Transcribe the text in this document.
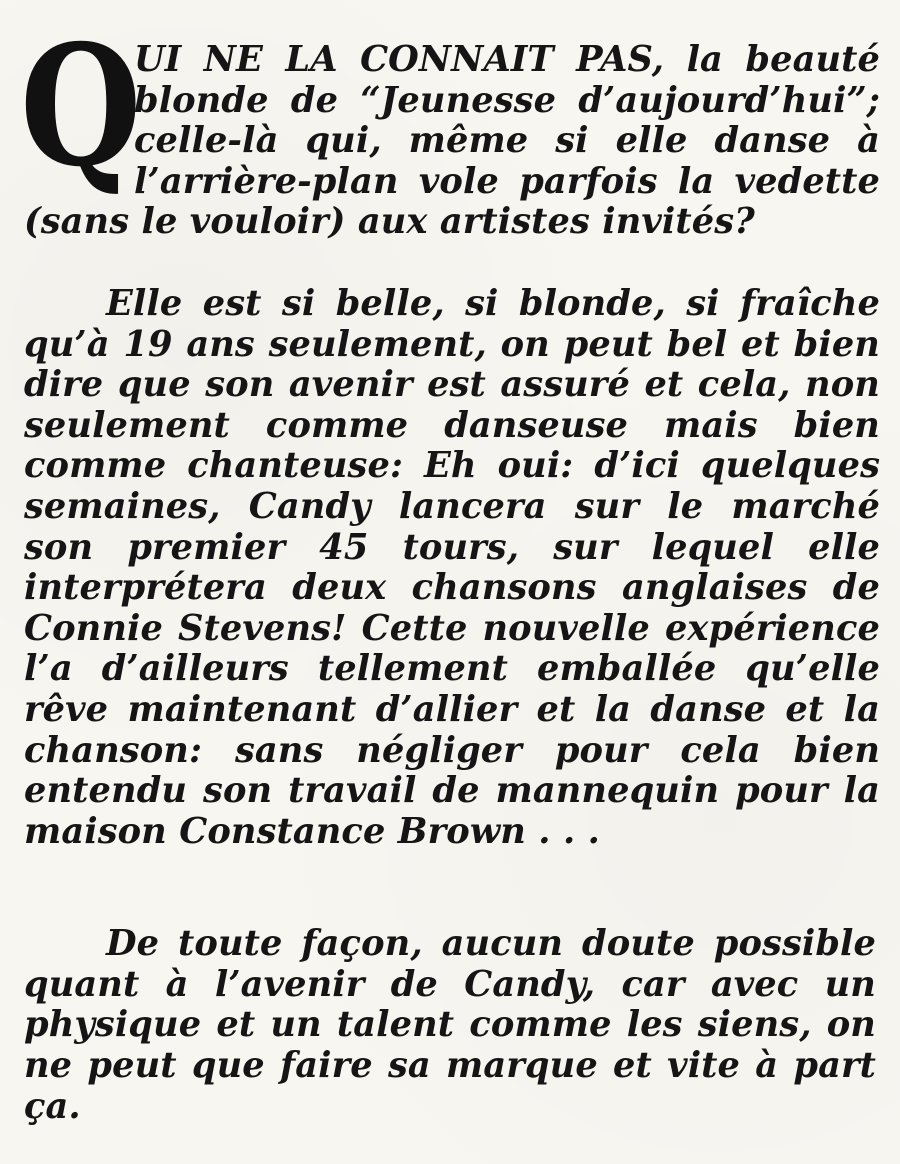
Q
UI NE LA CONNAIT PAS, la beauté blonde de “Jeunesse d’aujourd’hui”; celle-là qui, même si elle danse à l’arrière-plan vole parfois la vedette (sans le vouloir) aux artistes invités?

Elle est si belle, si blonde, si fraîche qu’à 19 ans seulement, on peut bel et bien dire que son avenir est assuré et cela, non seulement comme danseuse mais bien comme chanteuse: Eh oui: d’ici quelques semaines, Candy lancera sur le marché son premier 45 tours, sur lequel elle interprétera deux chansons anglaises de Connie Stevens! Cette nouvelle expérience l’a d’ailleurs tellement emballée qu’elle rêve maintenant d’allier et la danse et la chanson: sans négliger pour cela bien entendu son travail de mannequin pour la maison Constance Brown . . .

De toute façon, aucun doute possible quant à l’avenir de Candy, car avec un physique et un talent comme les siens, on ne peut que faire sa marque et vite à part ça.
